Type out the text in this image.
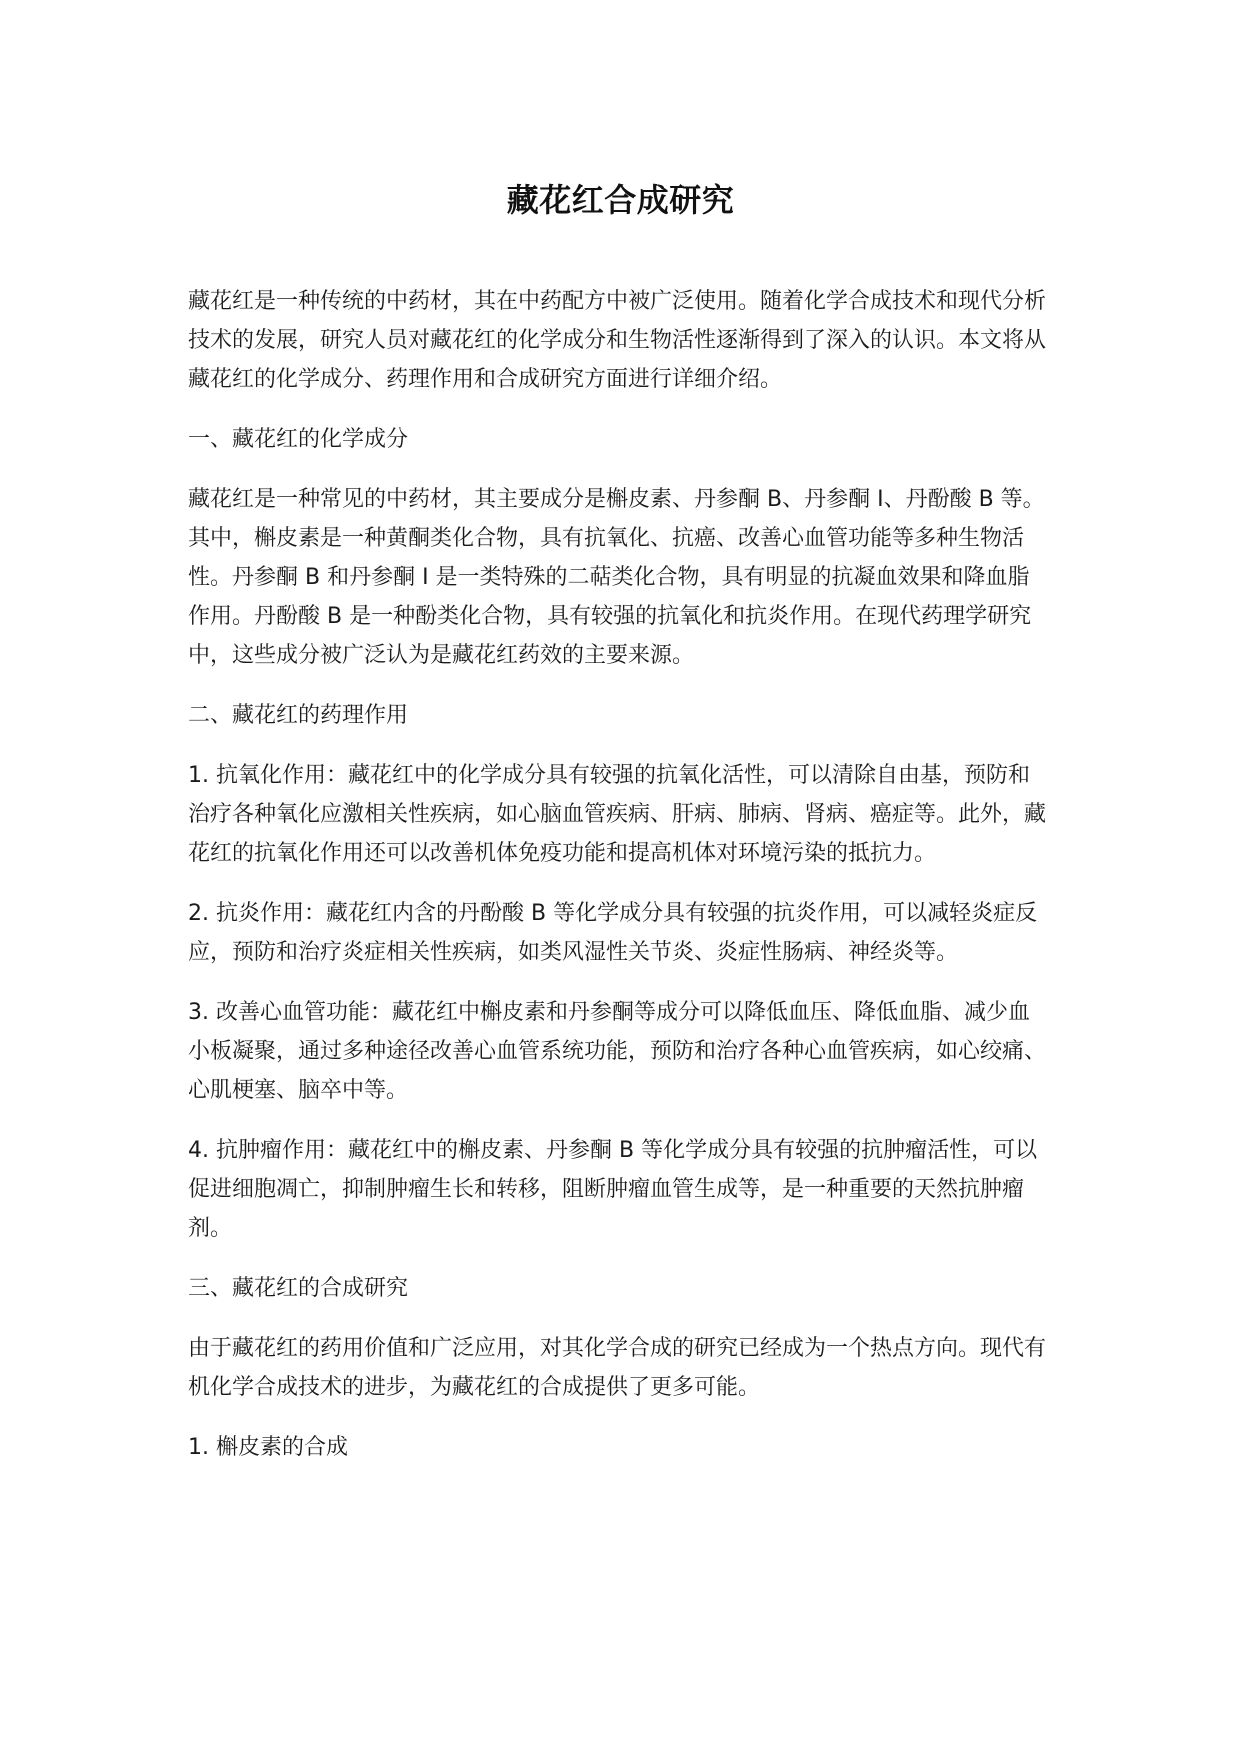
藏花红合成研究

藏花红是一种传统的中药材，其在中药配方中被广泛使用。随着化学合成技术和现代分析技术的发展，研究人员对藏花红的化学成分和生物活性逐渐得到了深入的认识。本文将从藏花红的化学成分、药理作用和合成研究方面进行详细介绍。

一、藏花红的化学成分

藏花红是一种常见的中药材，其主要成分是槲皮素、丹参酮 B、丹参酮 I、丹酚酸 B 等。其中，槲皮素是一种黄酮类化合物，具有抗氧化、抗癌、改善心血管功能等多种生物活性。丹参酮 B 和丹参酮 I 是一类特殊的二萜类化合物，具有明显的抗凝血效果和降血脂作用。丹酚酸 B 是一种酚类化合物，具有较强的抗氧化和抗炎作用。在现代药理学研究中，这些成分被广泛认为是藏花红药效的主要来源。

二、藏花红的药理作用

1. 抗氧化作用：藏花红中的化学成分具有较强的抗氧化活性，可以清除自由基，预防和治疗各种氧化应激相关性疾病，如心脑血管疾病、肝病、肺病、肾病、癌症等。此外，藏花红的抗氧化作用还可以改善机体免疫功能和提高机体对环境污染的抵抗力。

2. 抗炎作用：藏花红内含的丹酚酸 B 等化学成分具有较强的抗炎作用，可以减轻炎症反应，预防和治疗炎症相关性疾病，如类风湿性关节炎、炎症性肠病、神经炎等。

3. 改善心血管功能：藏花红中槲皮素和丹参酮等成分可以降低血压、降低血脂、减少血小板凝聚，通过多种途径改善心血管系统功能，预防和治疗各种心血管疾病，如心绞痛、心肌梗塞、脑卒中等。

4. 抗肿瘤作用：藏花红中的槲皮素、丹参酮 B 等化学成分具有较强的抗肿瘤活性，可以促进细胞凋亡，抑制肿瘤生长和转移，阻断肿瘤血管生成等，是一种重要的天然抗肿瘤剂。

三、藏花红的合成研究

由于藏花红的药用价值和广泛应用，对其化学合成的研究已经成为一个热点方向。现代有机化学合成技术的进步，为藏花红的合成提供了更多可能。

1. 槲皮素的合成
